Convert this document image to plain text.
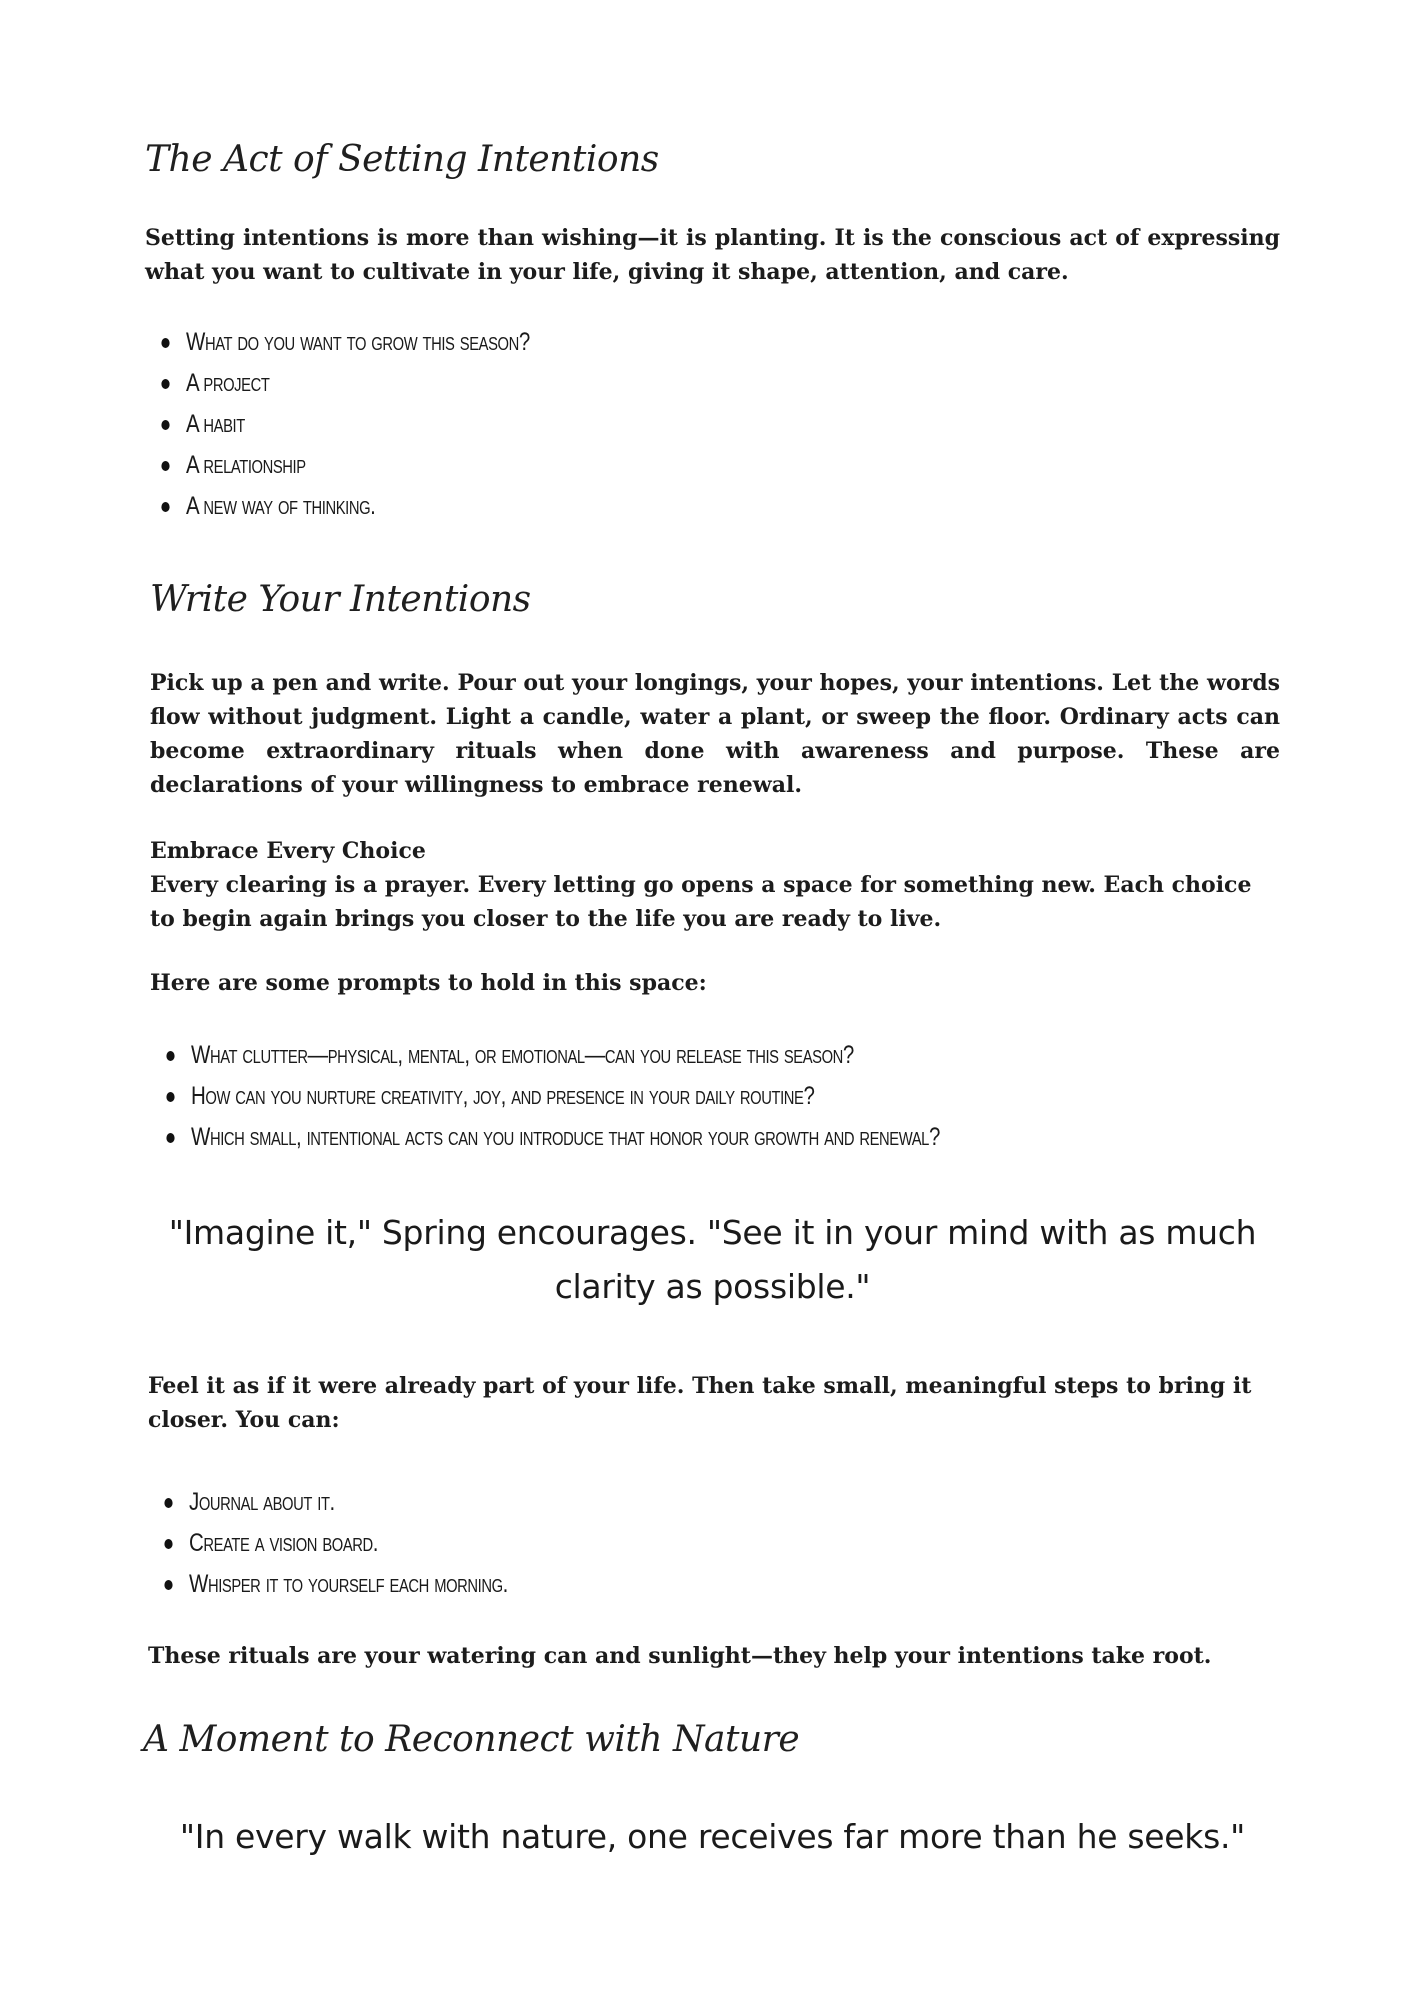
The Act of Setting Intentions

Setting intentions is more than wishing—it is planting. It is the conscious act of expressing what you want to cultivate in your life, giving it shape, attention, and care.

What do you want to grow this season?
A project
A habit
A relationship
A new way of thinking.
Write Your Intentions

Pick up a pen and write. Pour out your longings, your hopes, your intentions. Let the words flow without judgment. Light a candle, water a plant, or sweep the floor. Ordinary acts can become extraordinary rituals when done with awareness and purpose. These are declarations of your willingness to embrace renewal.

Embrace Every Choice

Every clearing is a prayer. Every letting go opens a space for something new. Each choice to begin again brings you closer to the life you are ready to live.

Here are some prompts to hold in this space:

What clutter—physical, mental, or emotional—can you release this season?
How can you nurture creativity, joy, and presence in your daily routine?
Which small, intentional acts can you introduce that honor your growth and renewal?
"Imagine it," Spring encourages. "See it in your mind with as much clarity as possible."

Feel it as if it were already part of your life. Then take small, meaningful steps to bring it closer. You can:

Journal about it.
Create a vision board.
Whisper it to yourself each morning.

These rituals are your watering can and sunlight—they help your intentions take root.

A Moment to Reconnect with Nature
"In every walk with nature, one receives far more than he seeks."
